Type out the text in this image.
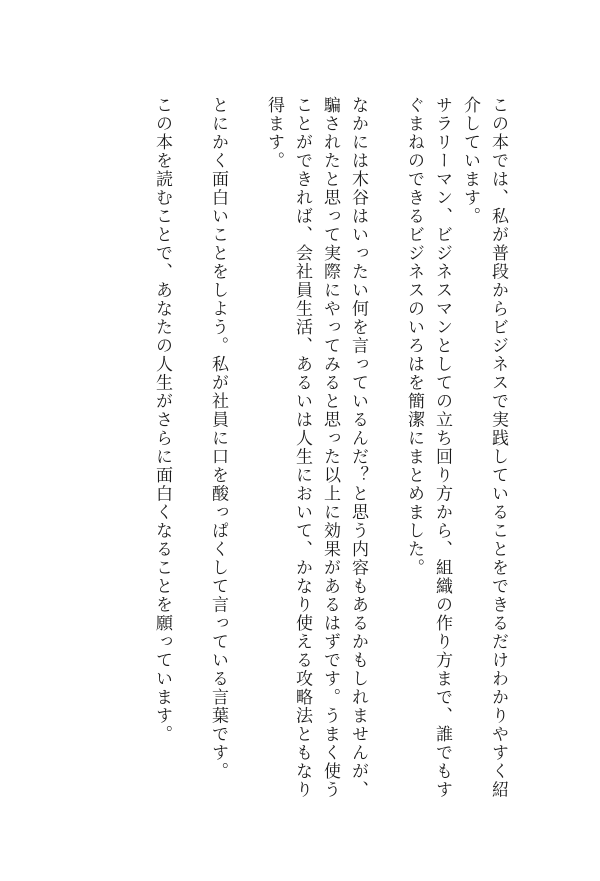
この本では、私が普段からビジネスで実践していることをできるだけわかりやすく紹介しています。

サラリーマン、ビジネスマンとしての立ち回り方から、組織の作り方まで、誰でもすぐまねのできるビジネスのいろはを簡潔にまとめました。

なかには木谷はいったい何を言っているんだ？と思う内容もあるかもしれませんが、騙されたと思って実際にやってみると思った以上に効果があるはずです。うまく使うことができれば、会社員生活、あるいは人生において、かなり使える攻略法ともなり得ます。

とにかく面白いことをしよう。私が社員に口を酸っぱくして言っている言葉です。

この本を読むことで、あなたの人生がさらに面白くなることを願っています。
